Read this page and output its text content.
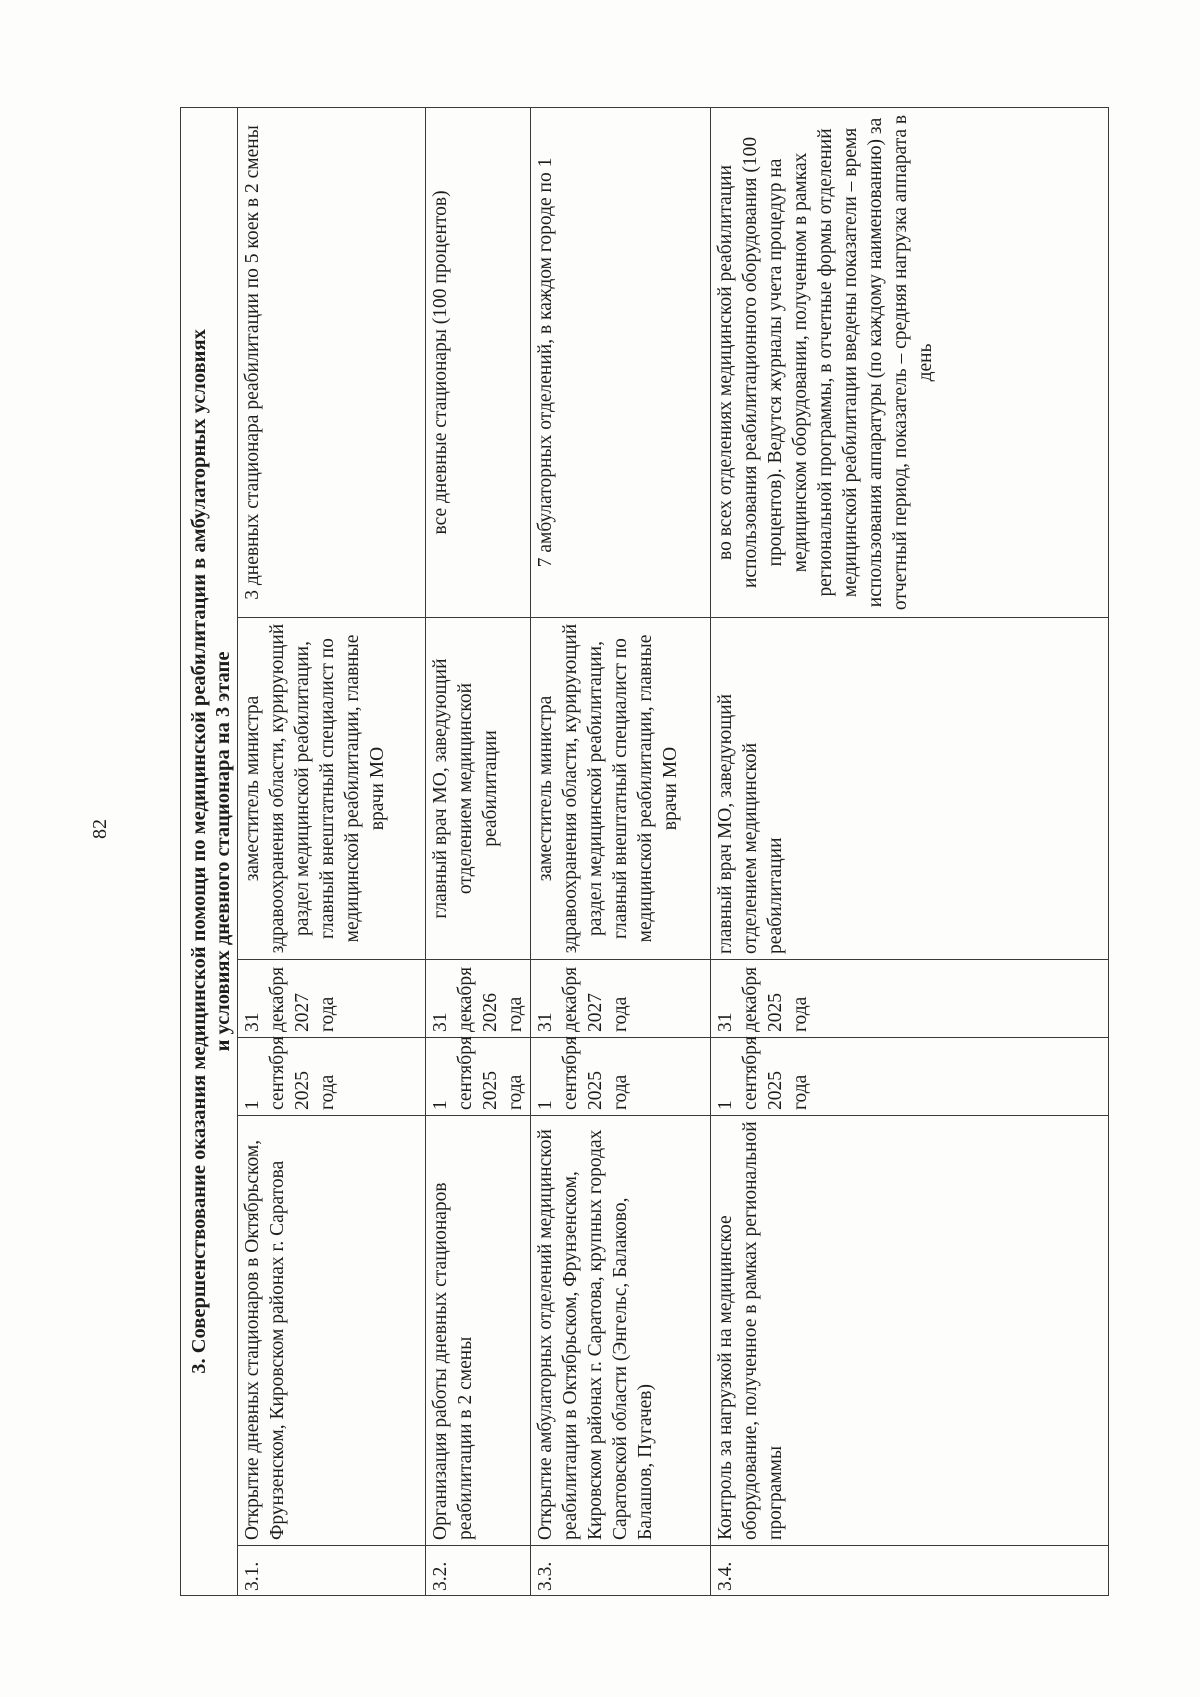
82	3. Совершенствование оказания медицинской помощи по медицинской реабилитации в амбулаторных условиях и условиях дневного стационара на 3 этапе					

3.1.	Открытие дневных стационаров в Октябрьском, Фрунзенском, Кировском районах г. Саратова	1 сентября 2025 года	31 декабря 2027 года	заместитель министра здравоохранения области, курирующий раздел медицинской реабилитации, главный внештатный специалист по медицинской реабилитации, главные врачи МО	3 дневных стационара реабилитации по 5 коек в 2 смены
3.2.	Организация работы дневных стационаров реабилитации в 2 смены	1 сентября 2025 года	31 декабря 2026 года	главный врач МО, заведующий отделением медицинской реабилитации	все дневные стационары (100 процентов)
3.3.	Открытие амбулаторных отделений медицинской реабилитации в Октябрьском, Фрунзенском, Кировском районах г. Саратова, крупных городах Саратовской области (Энгельс, Балаково, Балашов, Пугачев)	1 сентября 2025 года	31 декабря 2027 года	заместитель министра здравоохранения области, курирующий раздел медицинской реабилитации, главный внештатный специалист по медицинской реабилитации, главные врачи МО	7 амбулаторных отделений, в каждом городе по 1
3.4.	Контроль за нагрузкой на медицинское оборудование, полученное в рамках региональной программы	1 сентября 2025 года	31 декабря 2025 года	главный врач МО, заведующий отделением медицинской реабилитации	во всех отделениях медицинской реабилитации использования реабилитационного оборудования (100 процентов). Ведутся журналы учета процедур на медицинском оборудовании, полученном в рамках региональной программы, в отчетные формы отделений медицинской реабилитации введены показатели – время использования аппаратуры (по каждому наименованию) за отчетный период, показатель – средняя нагрузка аппарата в день
